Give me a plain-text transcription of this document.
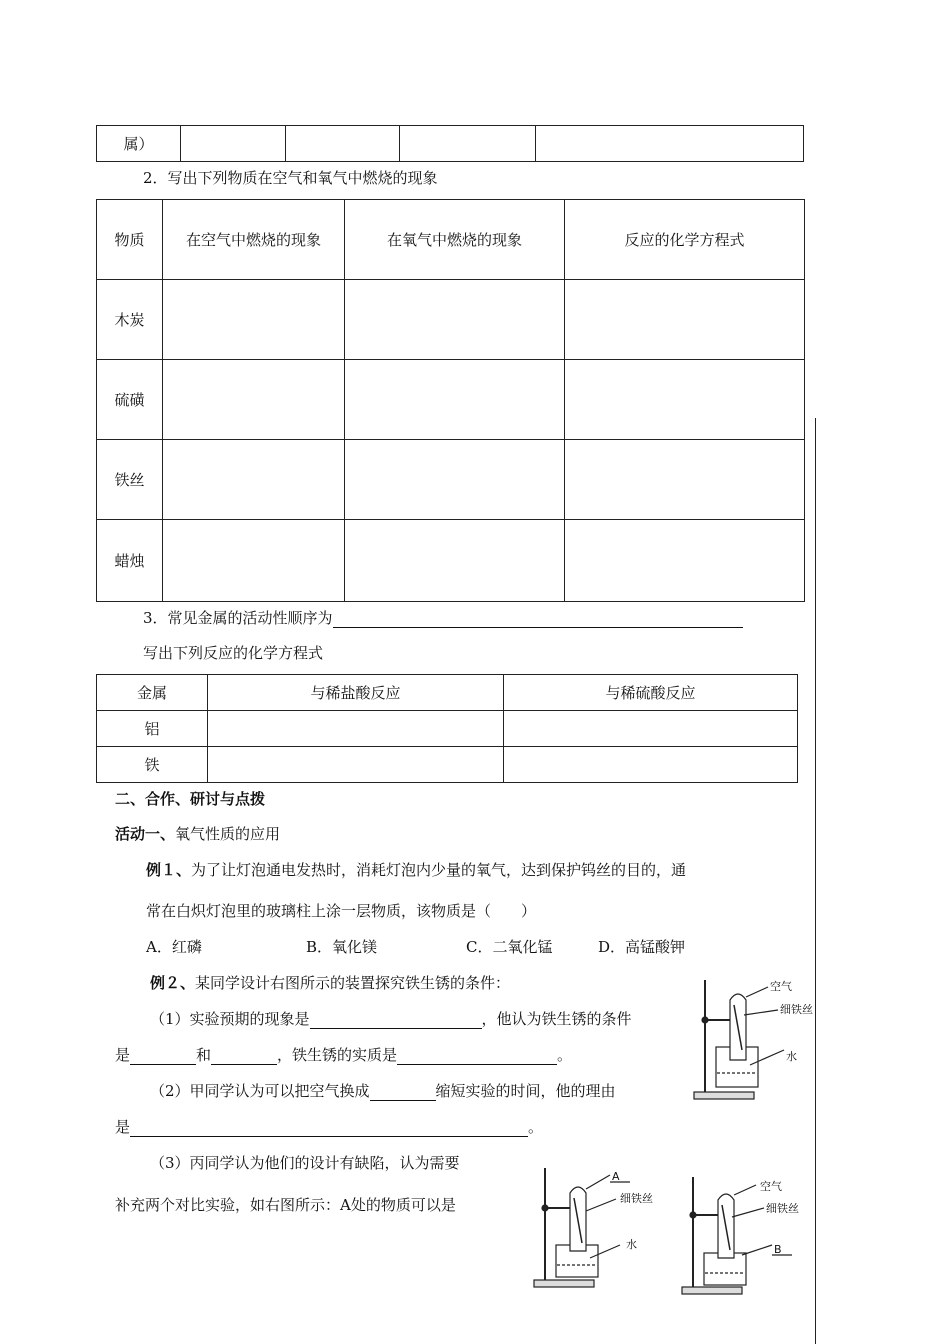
属）				
2．写出下列物质在空气和氧气中燃烧的现象
物质	在空气中燃烧的现象	在氧气中燃烧的现象	反应的化学方程式
木炭			
硫磺			
铁丝			
蜡烛			
3．常见金属的活动性顺序为
写出下列反应的化学方程式
金属	与稀盐酸反应	与稀硫酸反应
铝		
铁		
二、合作、研讨与点拨
活动一、氧气性质的应用
例１、为了让灯泡通电发热时，消耗灯泡内少量的氧气，达到保护钨丝的目的，通
常在白炽灯泡里的玻璃柱上涂一层物质，该物质是（　　）
A．红磷	B．氧化镁	C．二氧化锰	D．高锰酸钾
例２、某同学设计右图所示的装置探究铁生锈的条件：
（1）实验预期的现象是	，他认为铁生锈的条件
是	和	，铁生锈的实质是	。
（2）甲同学认为可以把空气换成	缩短实验的时间，他的理由
是	。
（3）丙同学认为他们的设计有缺陷，认为需要
补充两个对比实验，如右图所示：A处的物质可以是
空气
细铁丝
水
A
细铁丝
水
空气
细铁丝
B
